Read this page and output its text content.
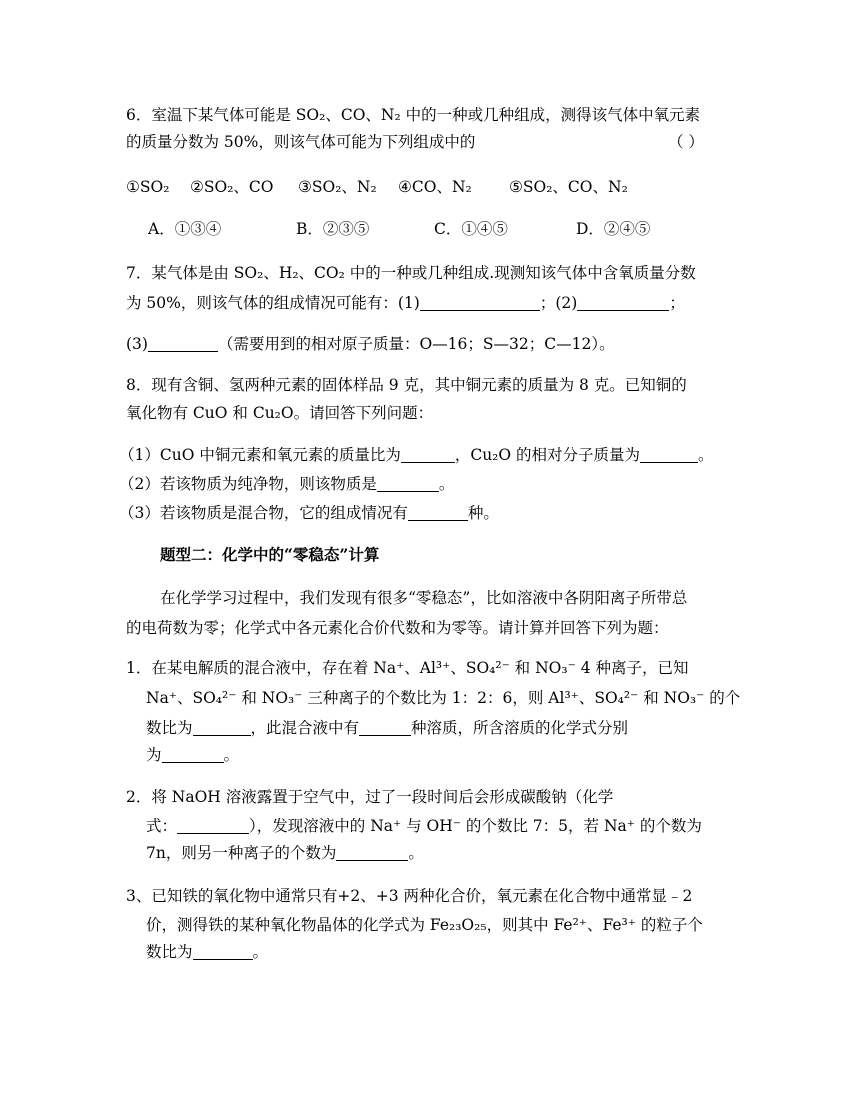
6．室温下某气体可能是 SO₂、CO、N₂ 中的一种或几种组成，测得该气体中氧元素
的质量分数为 50%，则该气体可能为下列组成中的	（ ）
①SO₂ ②SO₂、CO ③SO₂、N₂ ④CO、N₂ ⑤SO₂、CO、N₂
A．①③④	B．②③⑤	C．①④⑤	D．②④⑤
7．某气体是由 SO₂、H₂、CO₂ 中的一种或几种组成.现测知该气体中含氧质量分数
为 50%，则该气体的组成情况可能有：(1)	；(2)	；
(3)	（需要用到的相对原子质量：O—16；S—32；C—12）。
8．现有含铜、氢两种元素的固体样品 9 克，其中铜元素的质量为 8 克。已知铜的
氧化物有 CuO 和 Cu₂O。请回答下列问题：
（1）CuO 中铜元素和氧元素的质量比为	，Cu₂O 的相对分子质量为	。
（2）若该物质为纯净物，则该物质是	。
（3）若该物质是混合物，它的组成情况有	种。
题型二：化学中的“零稳态”计算
在化学学习过程中，我们发现有很多“零稳态”，比如溶液中各阴阳离子所带总
的电荷数为零；化学式中各元素化合价代数和为零等。请计算并回答下列为题：
1．在某电解质的混合液中，存在着 Na⁺、Al³⁺、SO₄²⁻ 和 NO₃⁻ 4 种离子，已知
Na⁺、SO₄²⁻ 和 NO₃⁻ 三种离子的个数比为 1：2：6，则 Al³⁺、SO₄²⁻ 和 NO₃⁻ 的个
数比为	，此混合液中有	种溶质，所含溶质的化学式分别
为	。
2．将 NaOH 溶液露置于空气中，过了一段时间后会形成碳酸钠（化学
式：	），发现溶液中的 Na⁺ 与 OH⁻ 的个数比 7：5，若 Na⁺ 的个数为
7n，则另一种离子的个数为	。
3、已知铁的氧化物中通常只有+2、+3 两种化合价，氧元素在化合物中通常显﹣2
价，测得铁的某种氧化物晶体的化学式为 Fe₂₃O₂₅，则其中 Fe²⁺、Fe³⁺ 的粒子个
数比为	。
